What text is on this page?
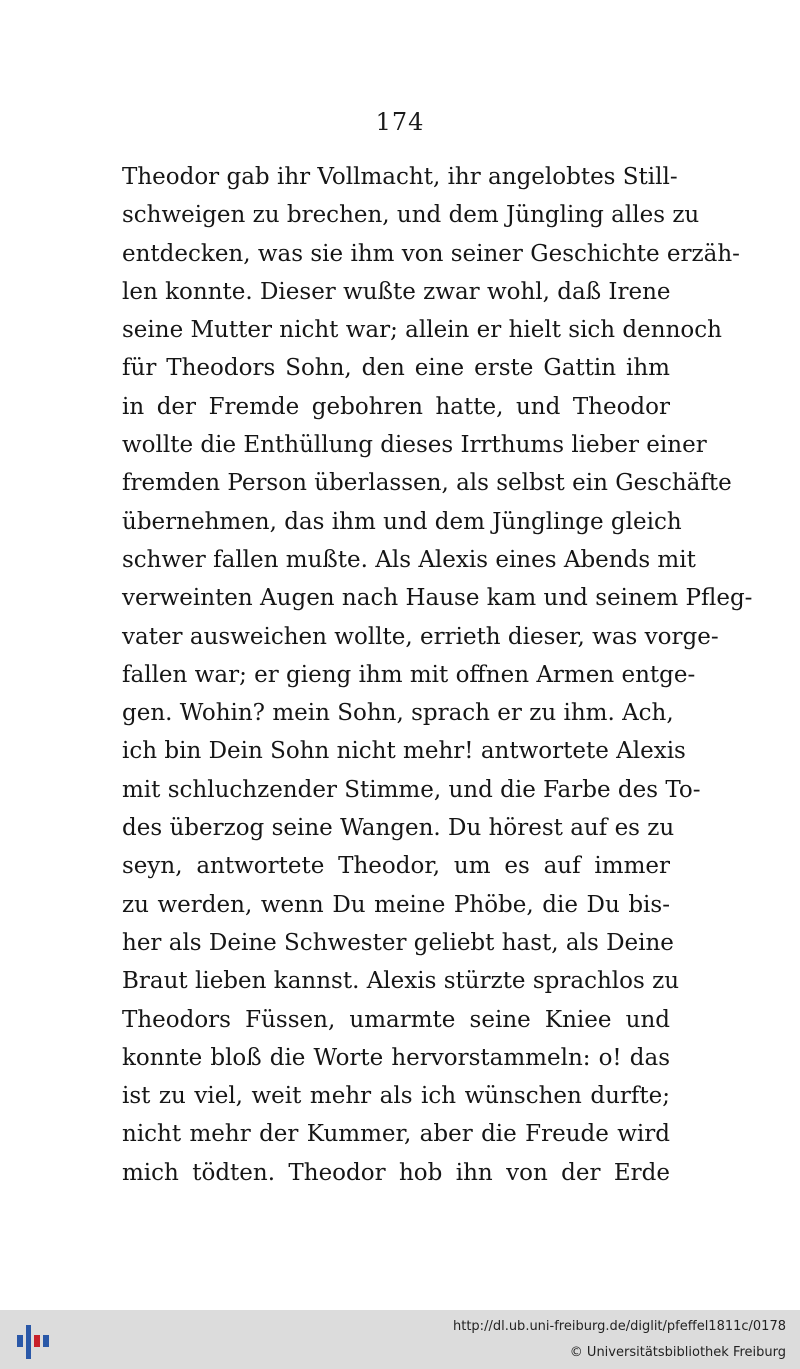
174
Theodor gab ihr Vollmacht, ihr angelobtes Still-
schweigen zu brechen, und dem Jüngling alles zu
entdecken, was sie ihm von seiner Geschichte erzäh-
len konnte. Dieser wußte zwar wohl, daß Irene
seine Mutter nicht war; allein er hielt sich dennoch
für Theodors Sohn, den eine erste Gattin ihm
in der Fremde gebohren hatte, und Theodor
wollte die Enthüllung dieses Irrthums lieber einer
fremden Person überlassen, als selbst ein Geschäfte
übernehmen, das ihm und dem Jünglinge gleich
schwer fallen mußte. Als Alexis eines Abends mit
verweinten Augen nach Hause kam und seinem Pfleg-
vater ausweichen wollte, errieth dieser, was vorge-
fallen war; er gieng ihm mit offnen Armen entge-
gen. Wohin? mein Sohn, sprach er zu ihm. Ach,
ich bin Dein Sohn nicht mehr! antwortete Alexis
mit schluchzender Stimme, und die Farbe des To-
des überzog seine Wangen. Du hörest auf es zu
seyn, antwortete Theodor, um es auf immer
zu werden, wenn Du meine Phöbe, die Du bis-
her als Deine Schwester geliebt hast, als Deine
Braut lieben kannst. Alexis stürzte sprachlos zu
Theodors Füssen, umarmte seine Kniee und
konnte bloß die Worte hervorstammeln: o! das
ist zu viel, weit mehr als ich wünschen durfte;
nicht mehr der Kummer, aber die Freude wird
mich tödten. Theodor hob ihn von der Erde
http://dl.ub.uni-freiburg.de/diglit/pfeffel1811c/0178
© Universitätsbibliothek Freiburg
